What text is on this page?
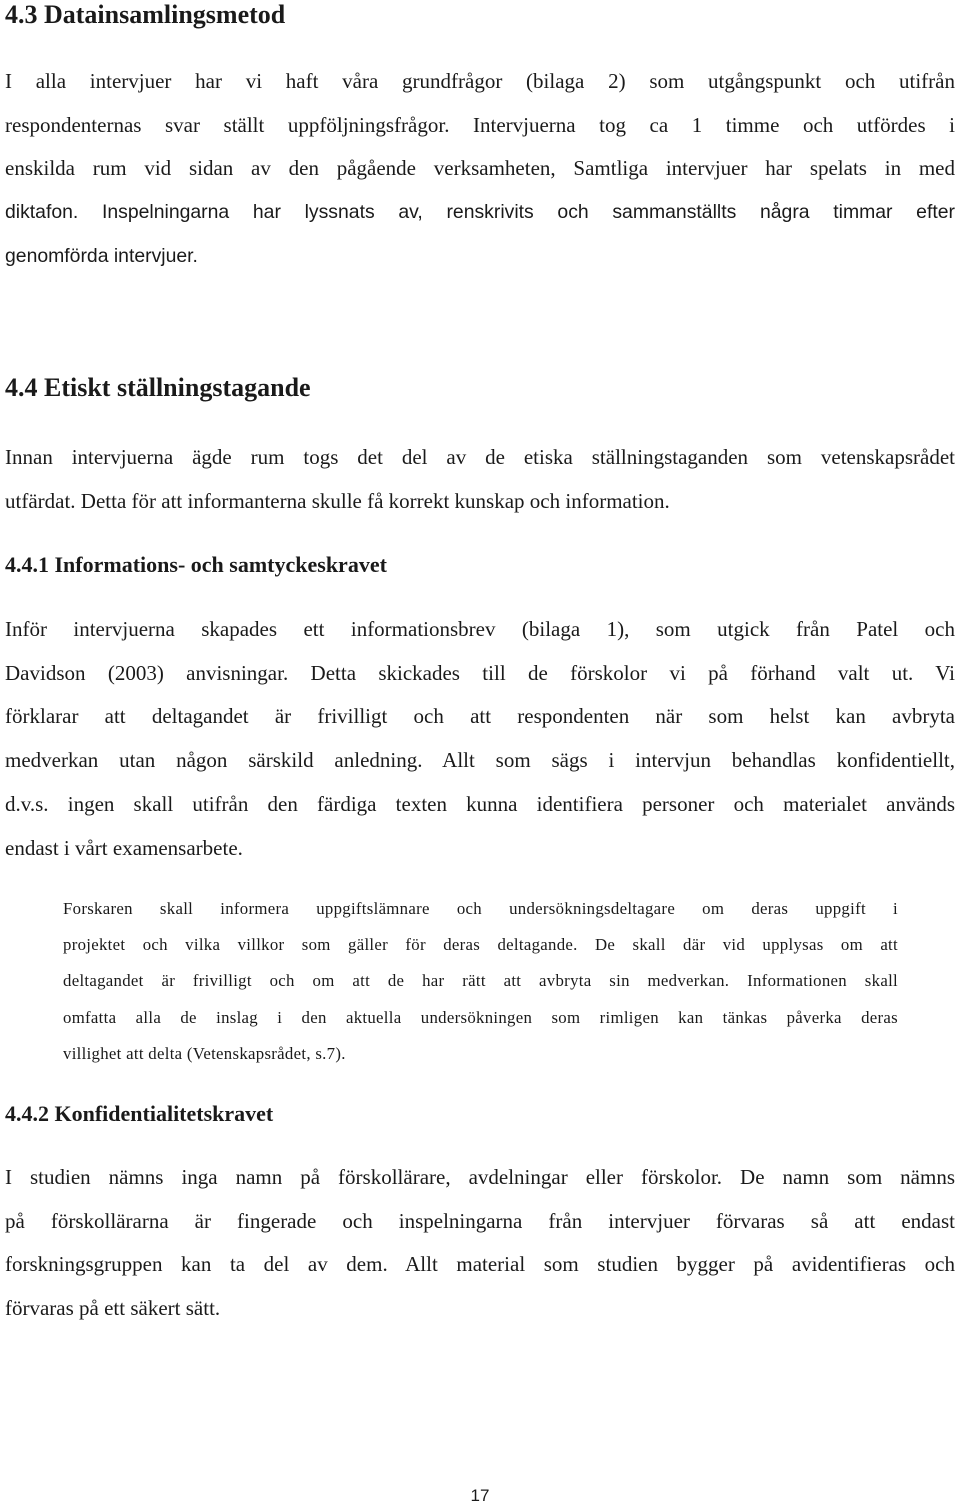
4.3 Datainsamlingsmetod

I alla intervjuer har vi haft våra grundfrågor (bilaga 2) som utgångspunkt och utifrån
respondenternas svar ställt uppföljningsfrågor. Intervjuerna tog ca 1 timme och utfördes i
enskilda rum vid sidan av den pågående verksamheten, Samtliga intervjuer har spelats in med

diktafon. Inspelningarna har lyssnats av, renskrivits och sammanställts några timmar efter
genomförda intervjuer.

4.4 Etiskt ställningstagande

Innan intervjuerna ägde rum togs det del av de etiska ställningstaganden som vetenskapsrådet
utfärdat. Detta för att informanterna skulle få korrekt kunskap och information.

4.4.1 Informations- och samtyckeskravet

Inför intervjuerna skapades ett informationsbrev (bilaga 1), som utgick från Patel och
Davidson (2003) anvisningar. Detta skickades till de förskolor vi på förhand valt ut. Vi
förklarar att deltagandet är frivilligt och att respondenten när som helst kan avbryta
medverkan utan någon särskild anledning. Allt som sägs i intervjun behandlas konfidentiellt,
d.v.s. ingen skall utifrån den färdiga texten kunna identifiera personer och materialet används
endast i vårt examensarbete.

Forskaren skall informera uppgiftslämnare och undersökningsdeltagare om deras uppgift i
projektet och vilka villkor som gäller för deras deltagande. De skall där vid upplysas om att
deltagandet är frivilligt och om att de har rätt att avbryta sin medverkan. Informationen skall
omfatta alla de inslag i den aktuella undersökningen som rimligen kan tänkas påverka deras
villighet att delta (Vetenskapsrådet, s.7).

4.4.2 Konfidentialitetskravet

I studien nämns inga namn på förskollärare, avdelningar eller förskolor. De namn som nämns
på förskollärarna är fingerade och inspelningarna från intervjuer förvaras så att endast
forskningsgruppen kan ta del av dem. Allt material som studien bygger på avidentifieras och
förvaras på ett säkert sätt.

17
